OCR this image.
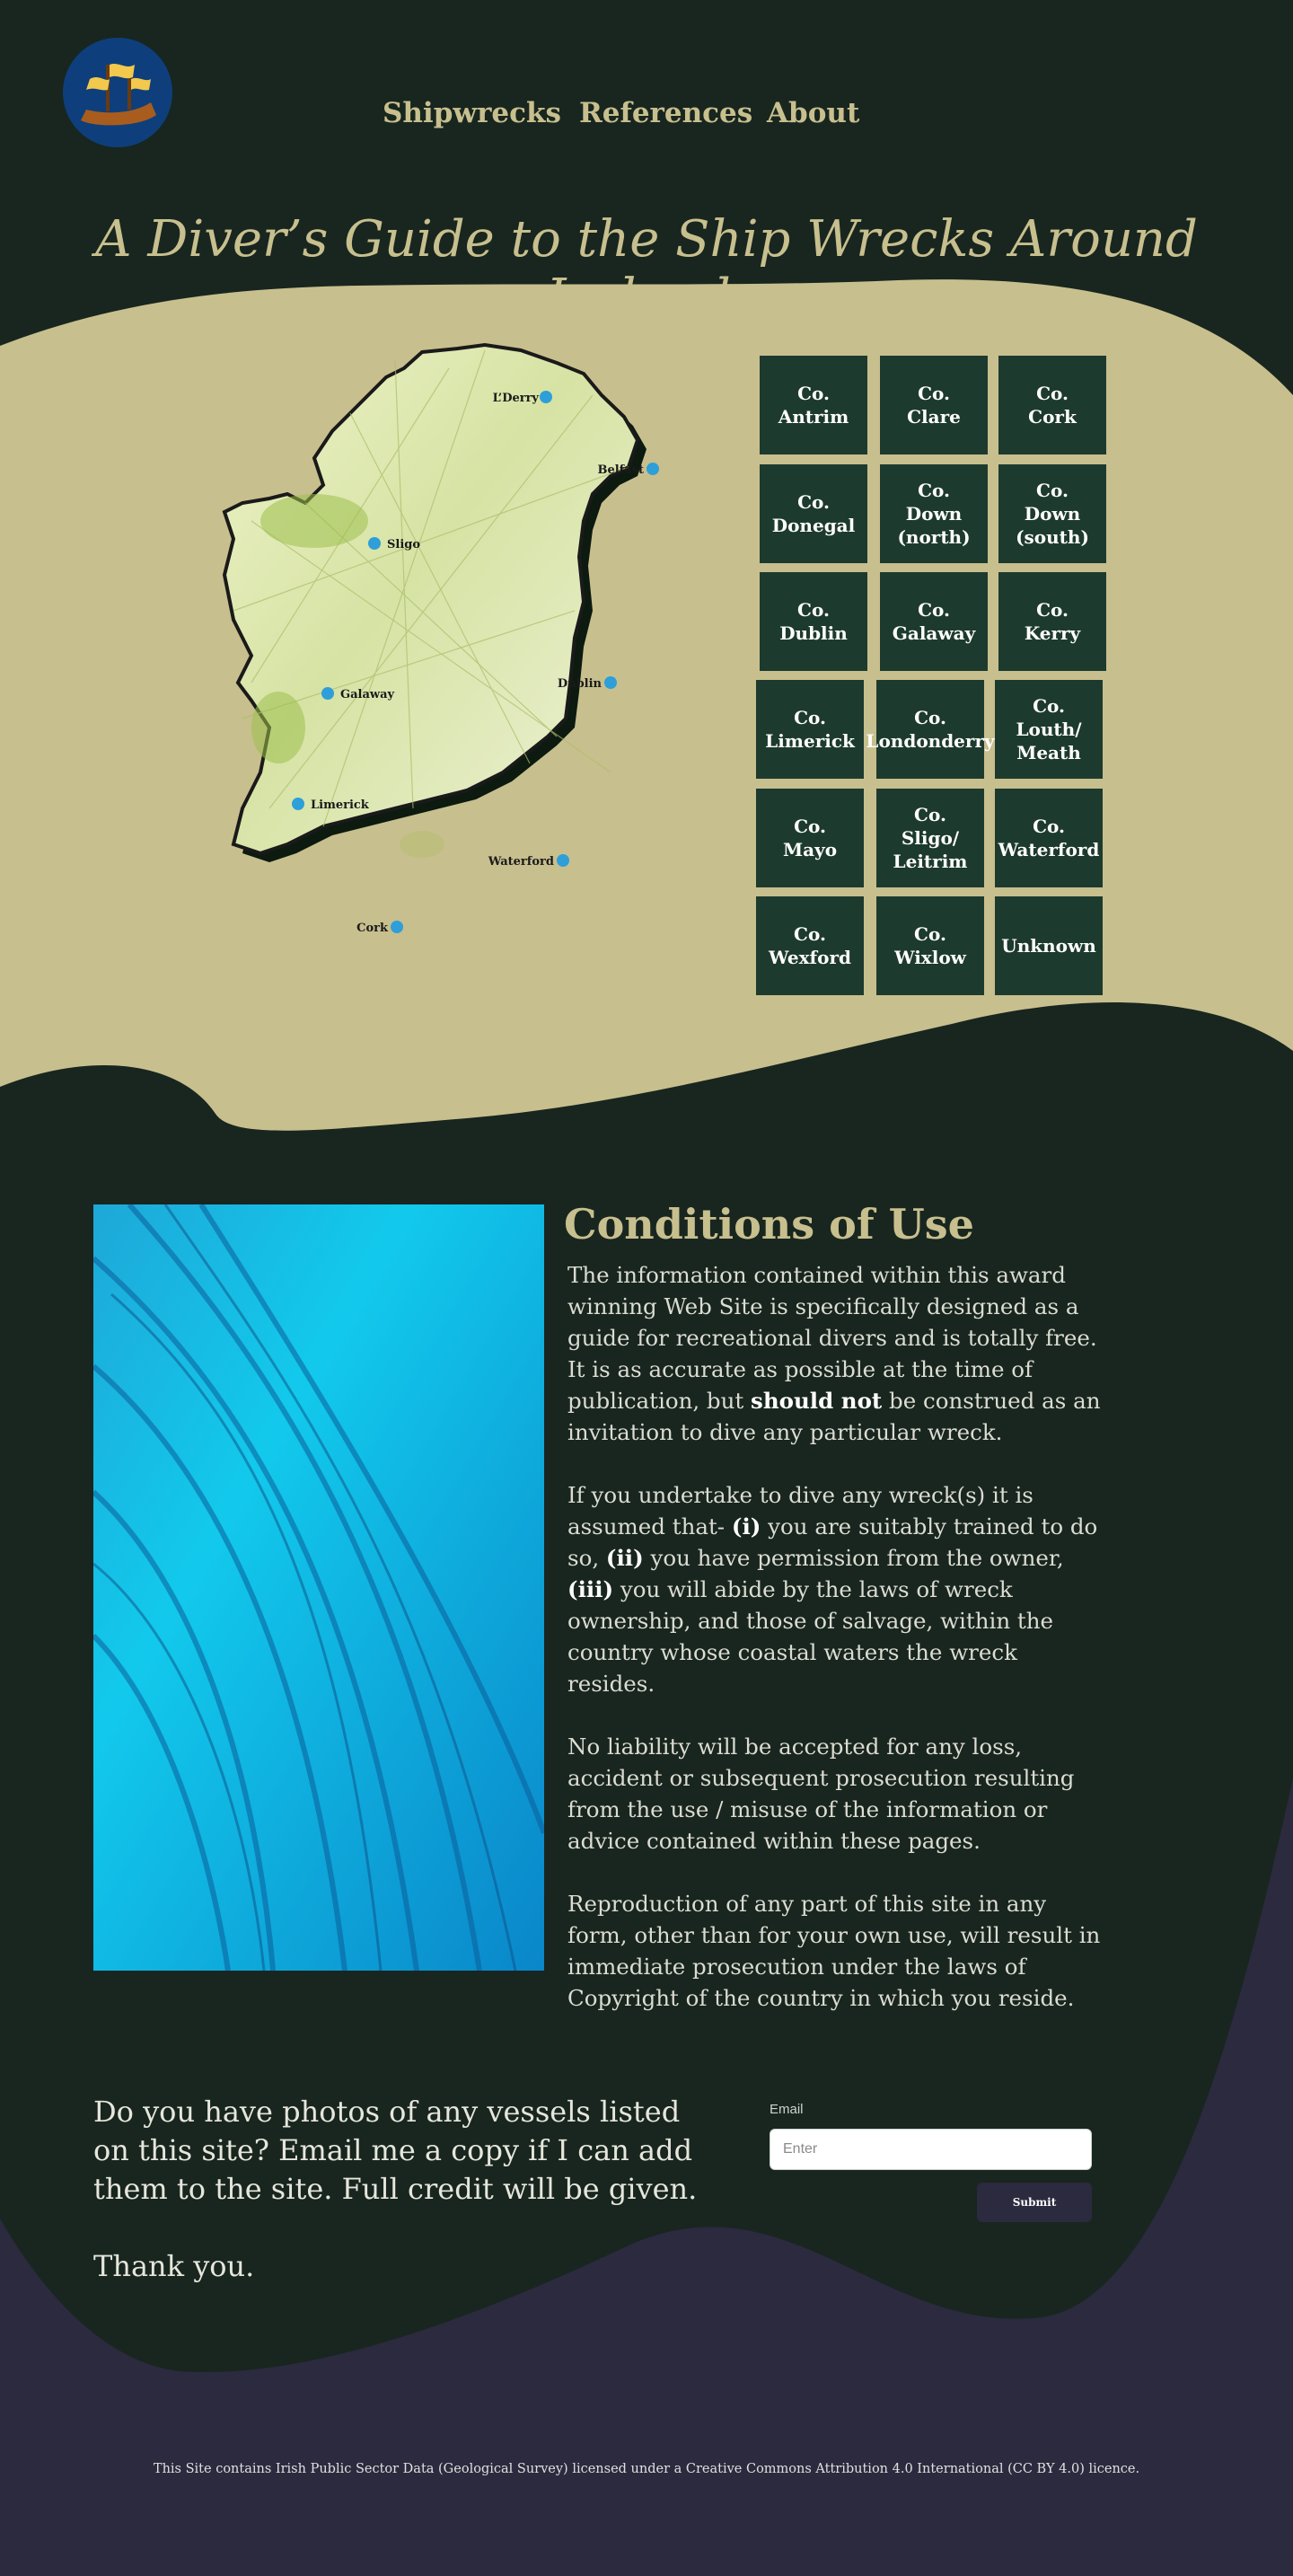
Shipwrecks References About
A Diver’s Guide to the Ship Wrecks Around Ireland.
L’Derry
Belfast
Sligo
Galaway
Dublin
Limerick
Waterford
Cork
Co.
Antrim
Co.
Clare
Co.
Cork
Co.
Donegal
Co.
Down
(north)
Co.
Down
(south)
Co.
Dublin
Co.
Galaway
Co.
Kerry
Co.
Limerick
Co.
Londonderry
Co.
Louth/
Meath
Co.
Mayo
Co.
Sligo/
Leitrim
Co.
Waterford
Co.
Wexford
Co.
Wixlow
Unknown
Conditions of Use

The information contained within this award winning Web Site is specifically designed as a guide for recreational divers and is totally free. It is as accurate as possible at the time of publication, but should not be construed as an invitation to dive any particular wreck.

If you undertake to dive any wreck(s) it is assumed that- (i) you are suitably trained to do so, (ii) you have permission from the owner, (iii) you will abide by the laws of wreck ownership, and those of salvage, within the country whose coastal waters the wreck resides.

No liability will be accepted for any loss, accident or subsequent prosecution resulting from the use / misuse of the information or advice contained within these pages.

Reproduction of any part of this site in any form, other than for your own use, will result in immediate prosecution under the laws of Copyright of the country in which you reside.

Do you have photos of any vessels listed on this site? Email me a copy if I can add them to the site. Full credit will be given.

Thank you.

Email
Enter
Submit
This Site contains Irish Public Sector Data (Geological Survey) licensed under a Creative Commons Attribution 4.0 International (CC BY 4.0) licence.
